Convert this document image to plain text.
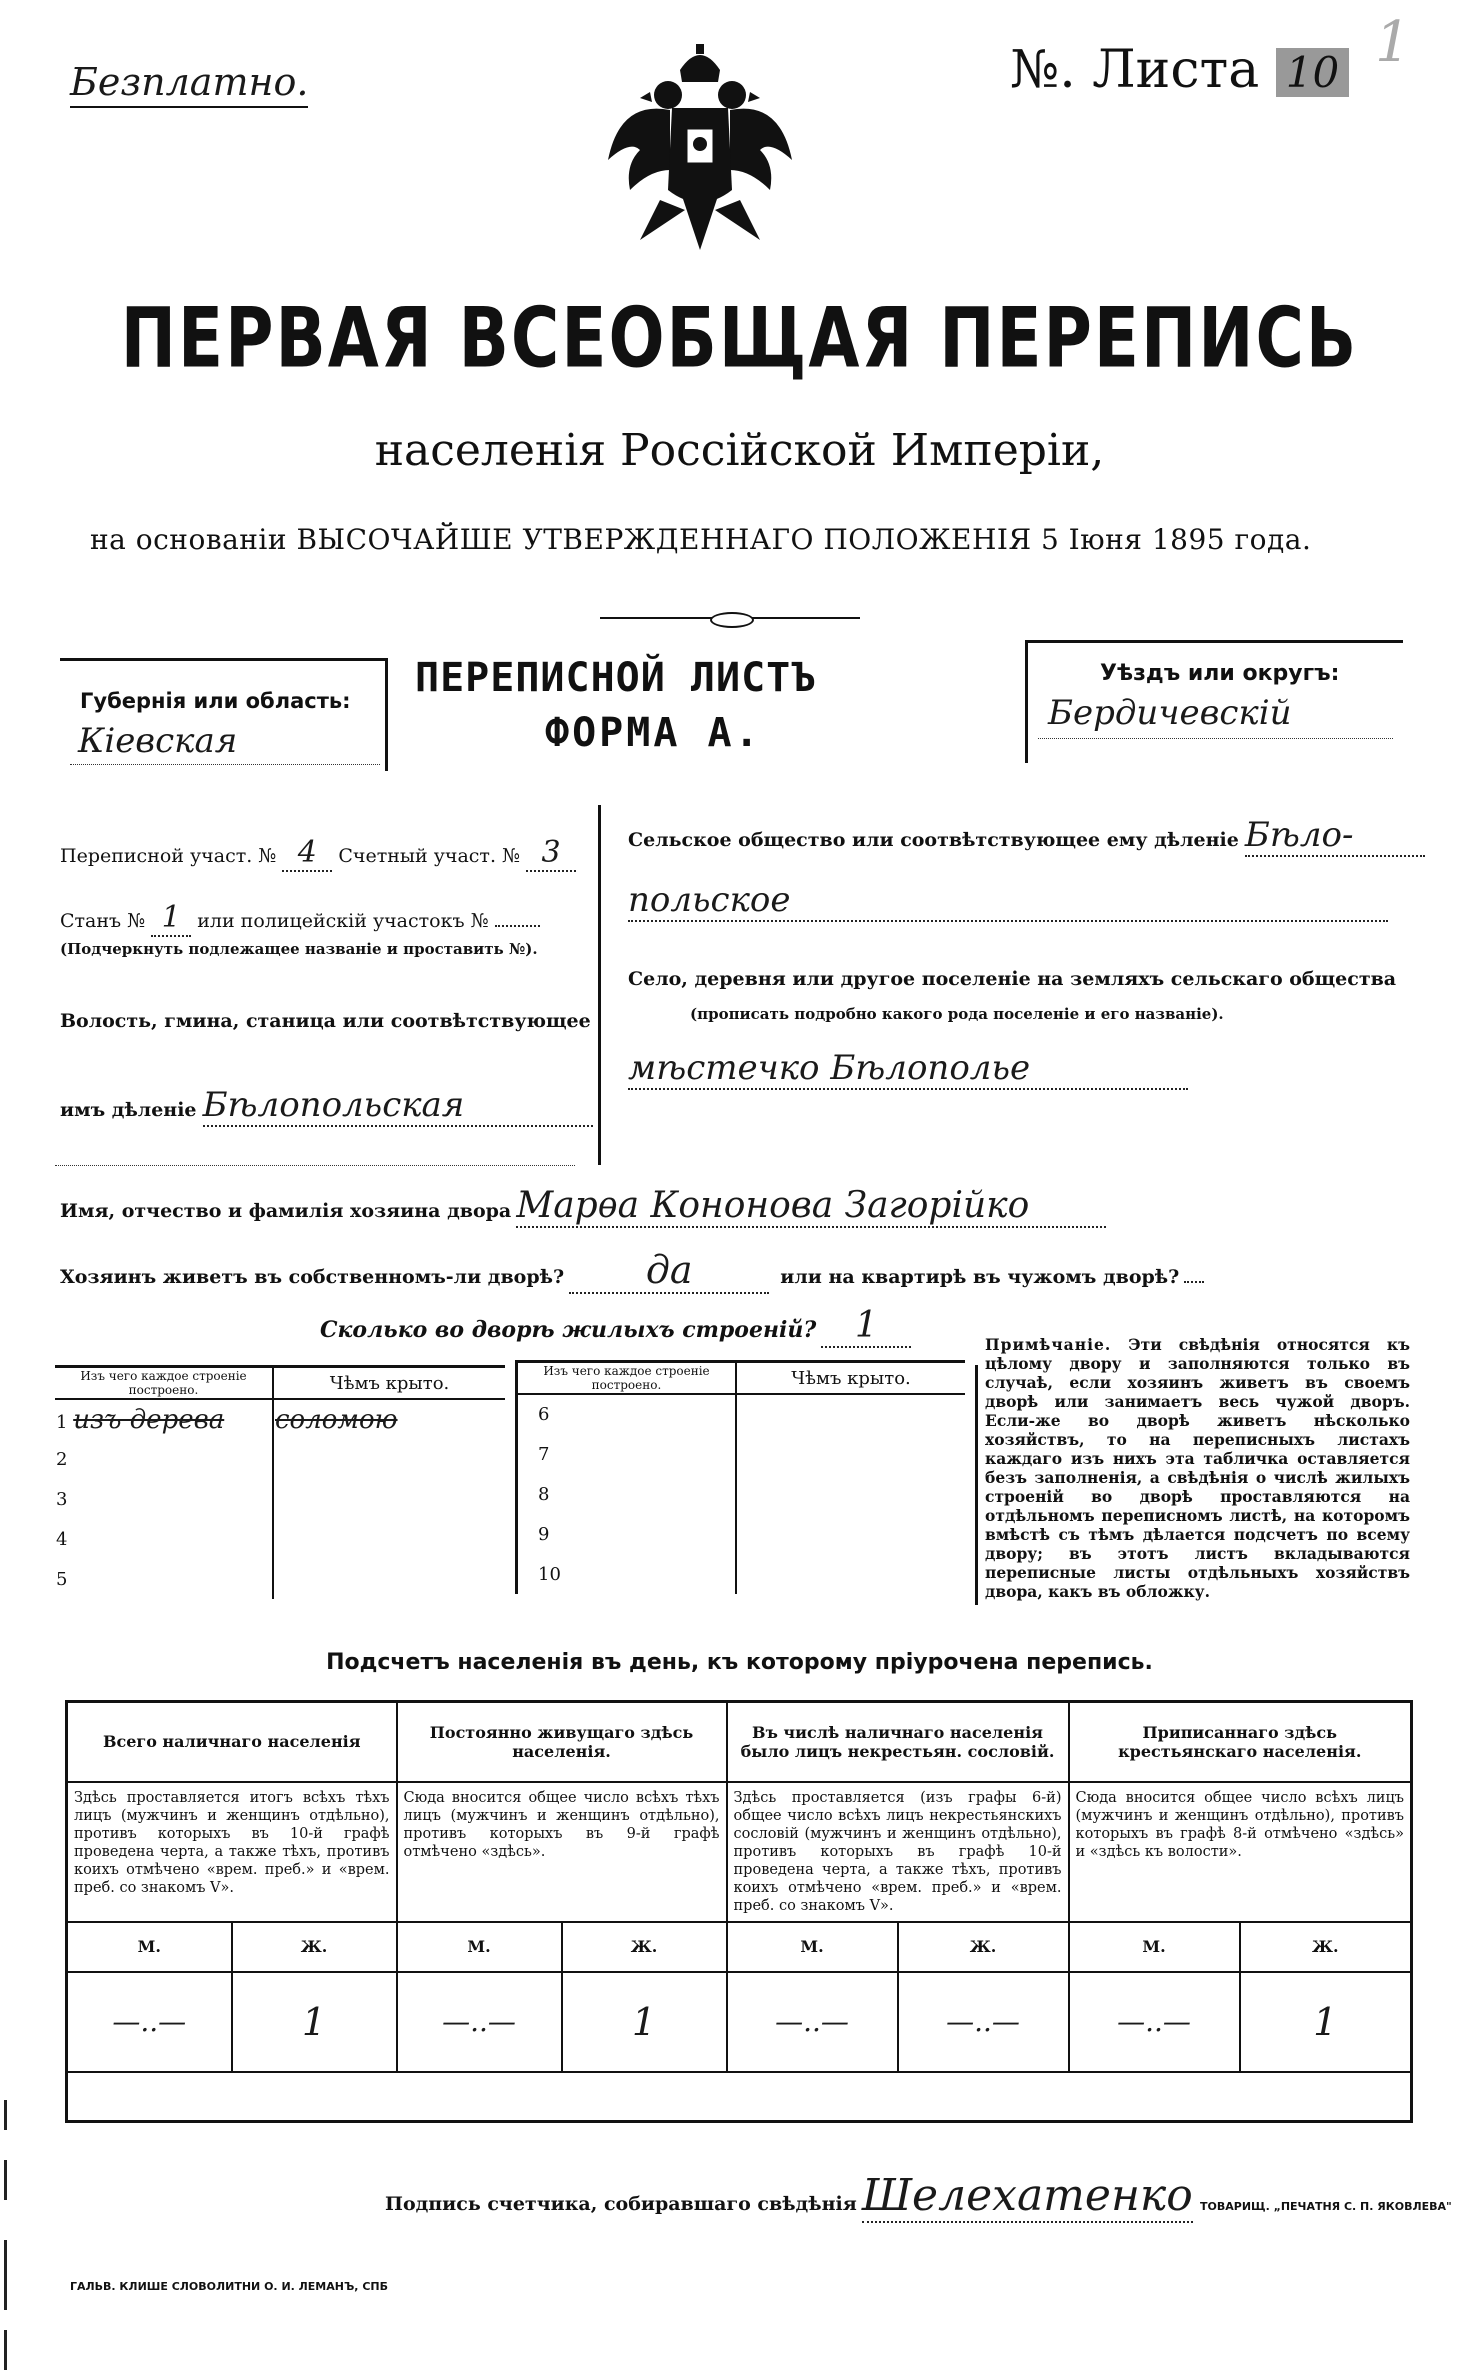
Безплатно.	№. Листа 10 1
ПЕРВАЯ ВСЕОБЩАЯ ПЕРЕПИСЬ
населенія Россійской Имперіи,
на основаніи ВЫСОЧАЙШЕ УТВЕРЖДЕННАГО ПОЛОЖЕНІЯ 5 Іюня 1895 года.
Губернія или область:
Кіевская
ПЕРЕПИСНОЙ ЛИСТЪ
ФОРМА А.
Уѣздъ или округъ:
Бердичевскій
Переписной участ. № 4 Счетный участ. № 3
Станъ № 1 или полицейскій участокъ №
(Подчеркнуть подлежащее названіе и проставить №).
Волость, гмина, станица или соотвѣтствующее
имъ дѣленіе Бѣлопольская
Сельское общество или соотвѣтствующее ему дѣленіе Бѣло-
польское
Село, деревня или другое поселеніе на земляхъ сельскаго общества
(прописать подробно какого рода поселеніе и его названіе).
мѣстечко Бѣлополье
Имя, отчество и фамилія хозяина двора Марѳа Кононова Загорійко
Хозяинъ живетъ въ собственномъ-ли дворѣ? да	или на квартирѣ въ чужомъ дворѣ?
Сколько во дворѣ жилыхъ строеній? 1
Изъ чего каждое строеніе построено.	Чѣмъ крыто.
1 изъ дерева	соломою
2	
3	
4	
5	
Изъ чего каждое строеніе построено.	Чѣмъ крыто.
6	
7	
8	
9	
10	
Примѣчаніе. Эти свѣдѣнія относятся къ цѣлому двору и заполняются только въ случаѣ, если хозяинъ живетъ въ своемъ дворѣ или занимаетъ весь чужой дворъ. Если-же во дворѣ живетъ нѣсколько хозяйствъ, то на переписныхъ листахъ каждаго изъ нихъ эта табличка оставляется безъ заполненія, а свѣдѣнія о числѣ жилыхъ строеній во дворѣ проставляются на отдѣльномъ переписномъ листѣ, на которомъ вмѣстѣ съ тѣмъ дѣлается подсчетъ по всему двору; въ этотъ листъ вкладываются переписные листы отдѣльныхъ хозяйствъ двора, какъ въ обложку.
Подсчетъ населенія въ день, къ которому пріурочена перепись.
Всего наличнаго населенія		Постоянно живущаго здѣсь населенія.		Въ числѣ наличнаго населенія было лицъ некрестьян. сословій.		Приписаннаго здѣсь крестьянскаго населенія.	
Здѣсь проставляется итогъ всѣхъ тѣхъ лицъ (мужчинъ и женщинъ отдѣльно), противъ которыхъ въ 10-й графѣ проведена черта, а также тѣхъ, противъ коихъ отмѣчено «врем. преб.» и «врем. преб. со знакомъ V».		Сюда вносится общее число всѣхъ тѣхъ лицъ (мужчинъ и женщинъ отдѣльно), противъ которыхъ въ 9-й графѣ отмѣчено «здѣсь».		Здѣсь проставляется (изъ графы 6-й) общее число всѣхъ лицъ некрестьянскихъ сословій (мужчинъ и женщинъ отдѣльно), противъ которыхъ въ графѣ 10-й проведена черта, а также тѣхъ, противъ коихъ отмѣчено «врем. преб.» и «врем. преб. со знакомъ V».		Сюда вносится общее число всѣхъ лицъ (мужчинъ и женщинъ отдѣльно), противъ которыхъ въ графѣ 8-й отмѣчено «здѣсь» и «здѣсь къ волости».	
М.	Ж.	М.	Ж.	М.	Ж.	М.	Ж.
—..—	1	—..—	1	—..—	—..—	—..—	1

Подпись счетчика, собиравшаго свѣдѣнія Шелехатенко
ГАЛЬВ. КЛИШЕ СЛОВОЛИТНИ О. И. ЛЕМАНЪ, СПБ
ТОВАРИЩ. „ПЕЧАТНЯ С. П. ЯКОВЛЕВА"
